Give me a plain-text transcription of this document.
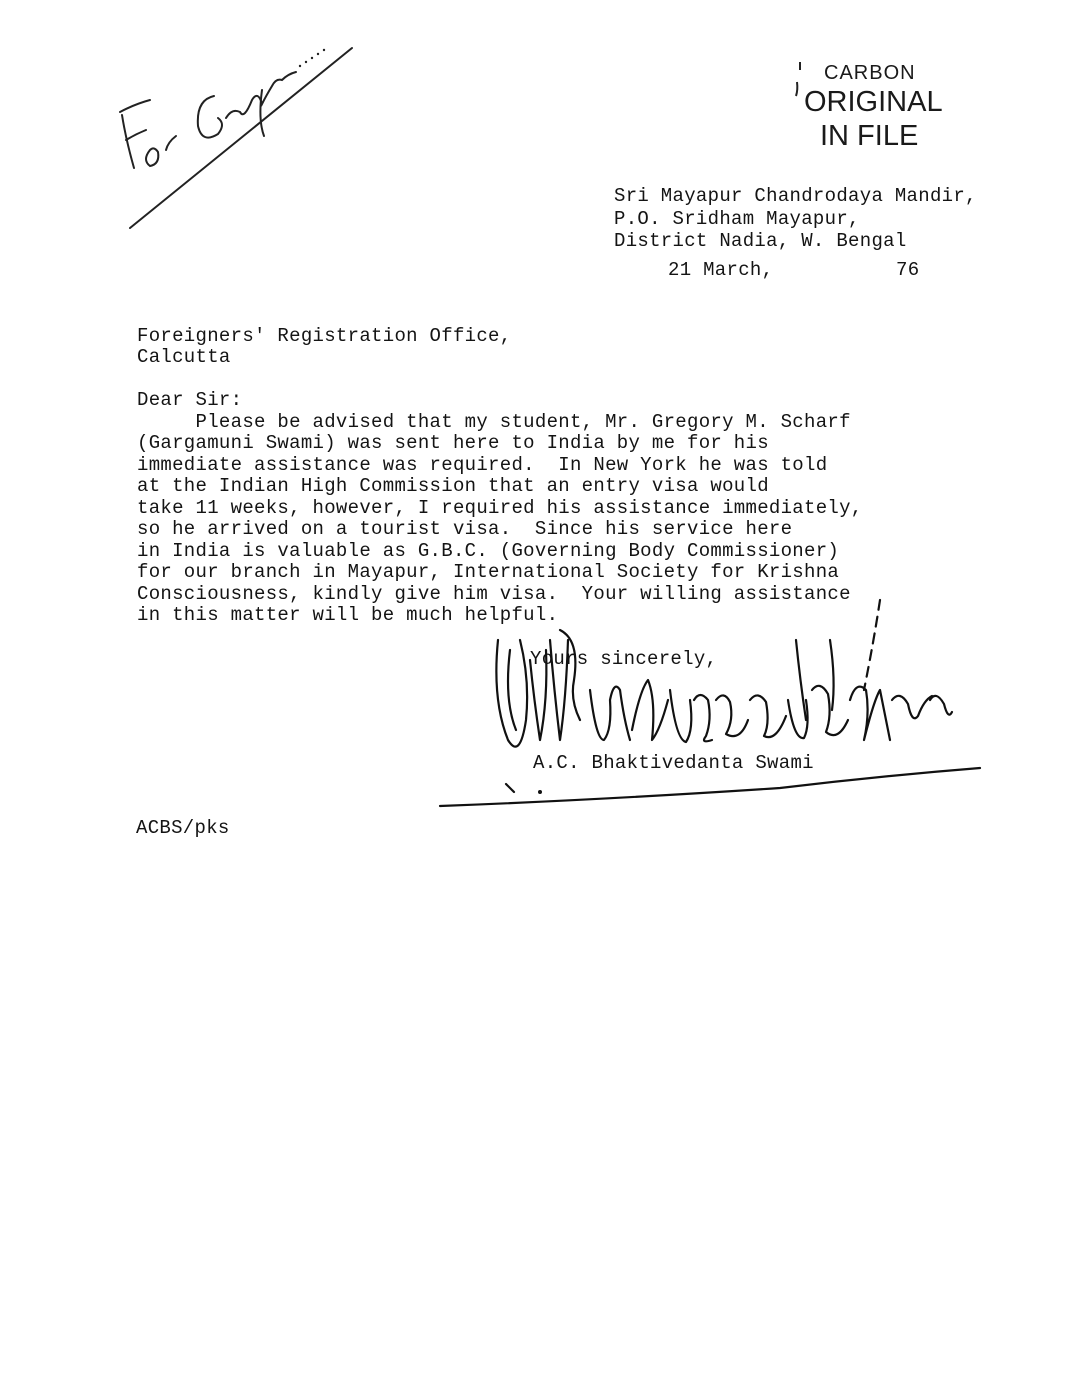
CARBON
ORIGINAL
IN FILE
Sri Mayapur Chandrodaya Mandir,
P.O. Sridham Mayapur,
District Nadia, W. Bengal
21 March,	76
Foreigners' Registration Office,
Calcutta
Dear Sir:
Please be advised that my student, Mr. Gregory M. Scharf
(Gargamuni Swami) was sent here to India by me for his
immediate assistance was required.  In New York he was told
at the Indian High Commission that an entry visa would
take 11 weeks, however, I required his assistance immediately,
so he arrived on a tourist visa.  Since his service here
in India is valuable as G.B.C. (Governing Body Commissioner)
for our branch in Mayapur, International Society for Krishna
Consciousness, kindly give him visa.  Your willing assistance
in this matter will be much helpful.
Yours sincerely,
A.C. Bhaktivedanta Swami
ACBS/pks
